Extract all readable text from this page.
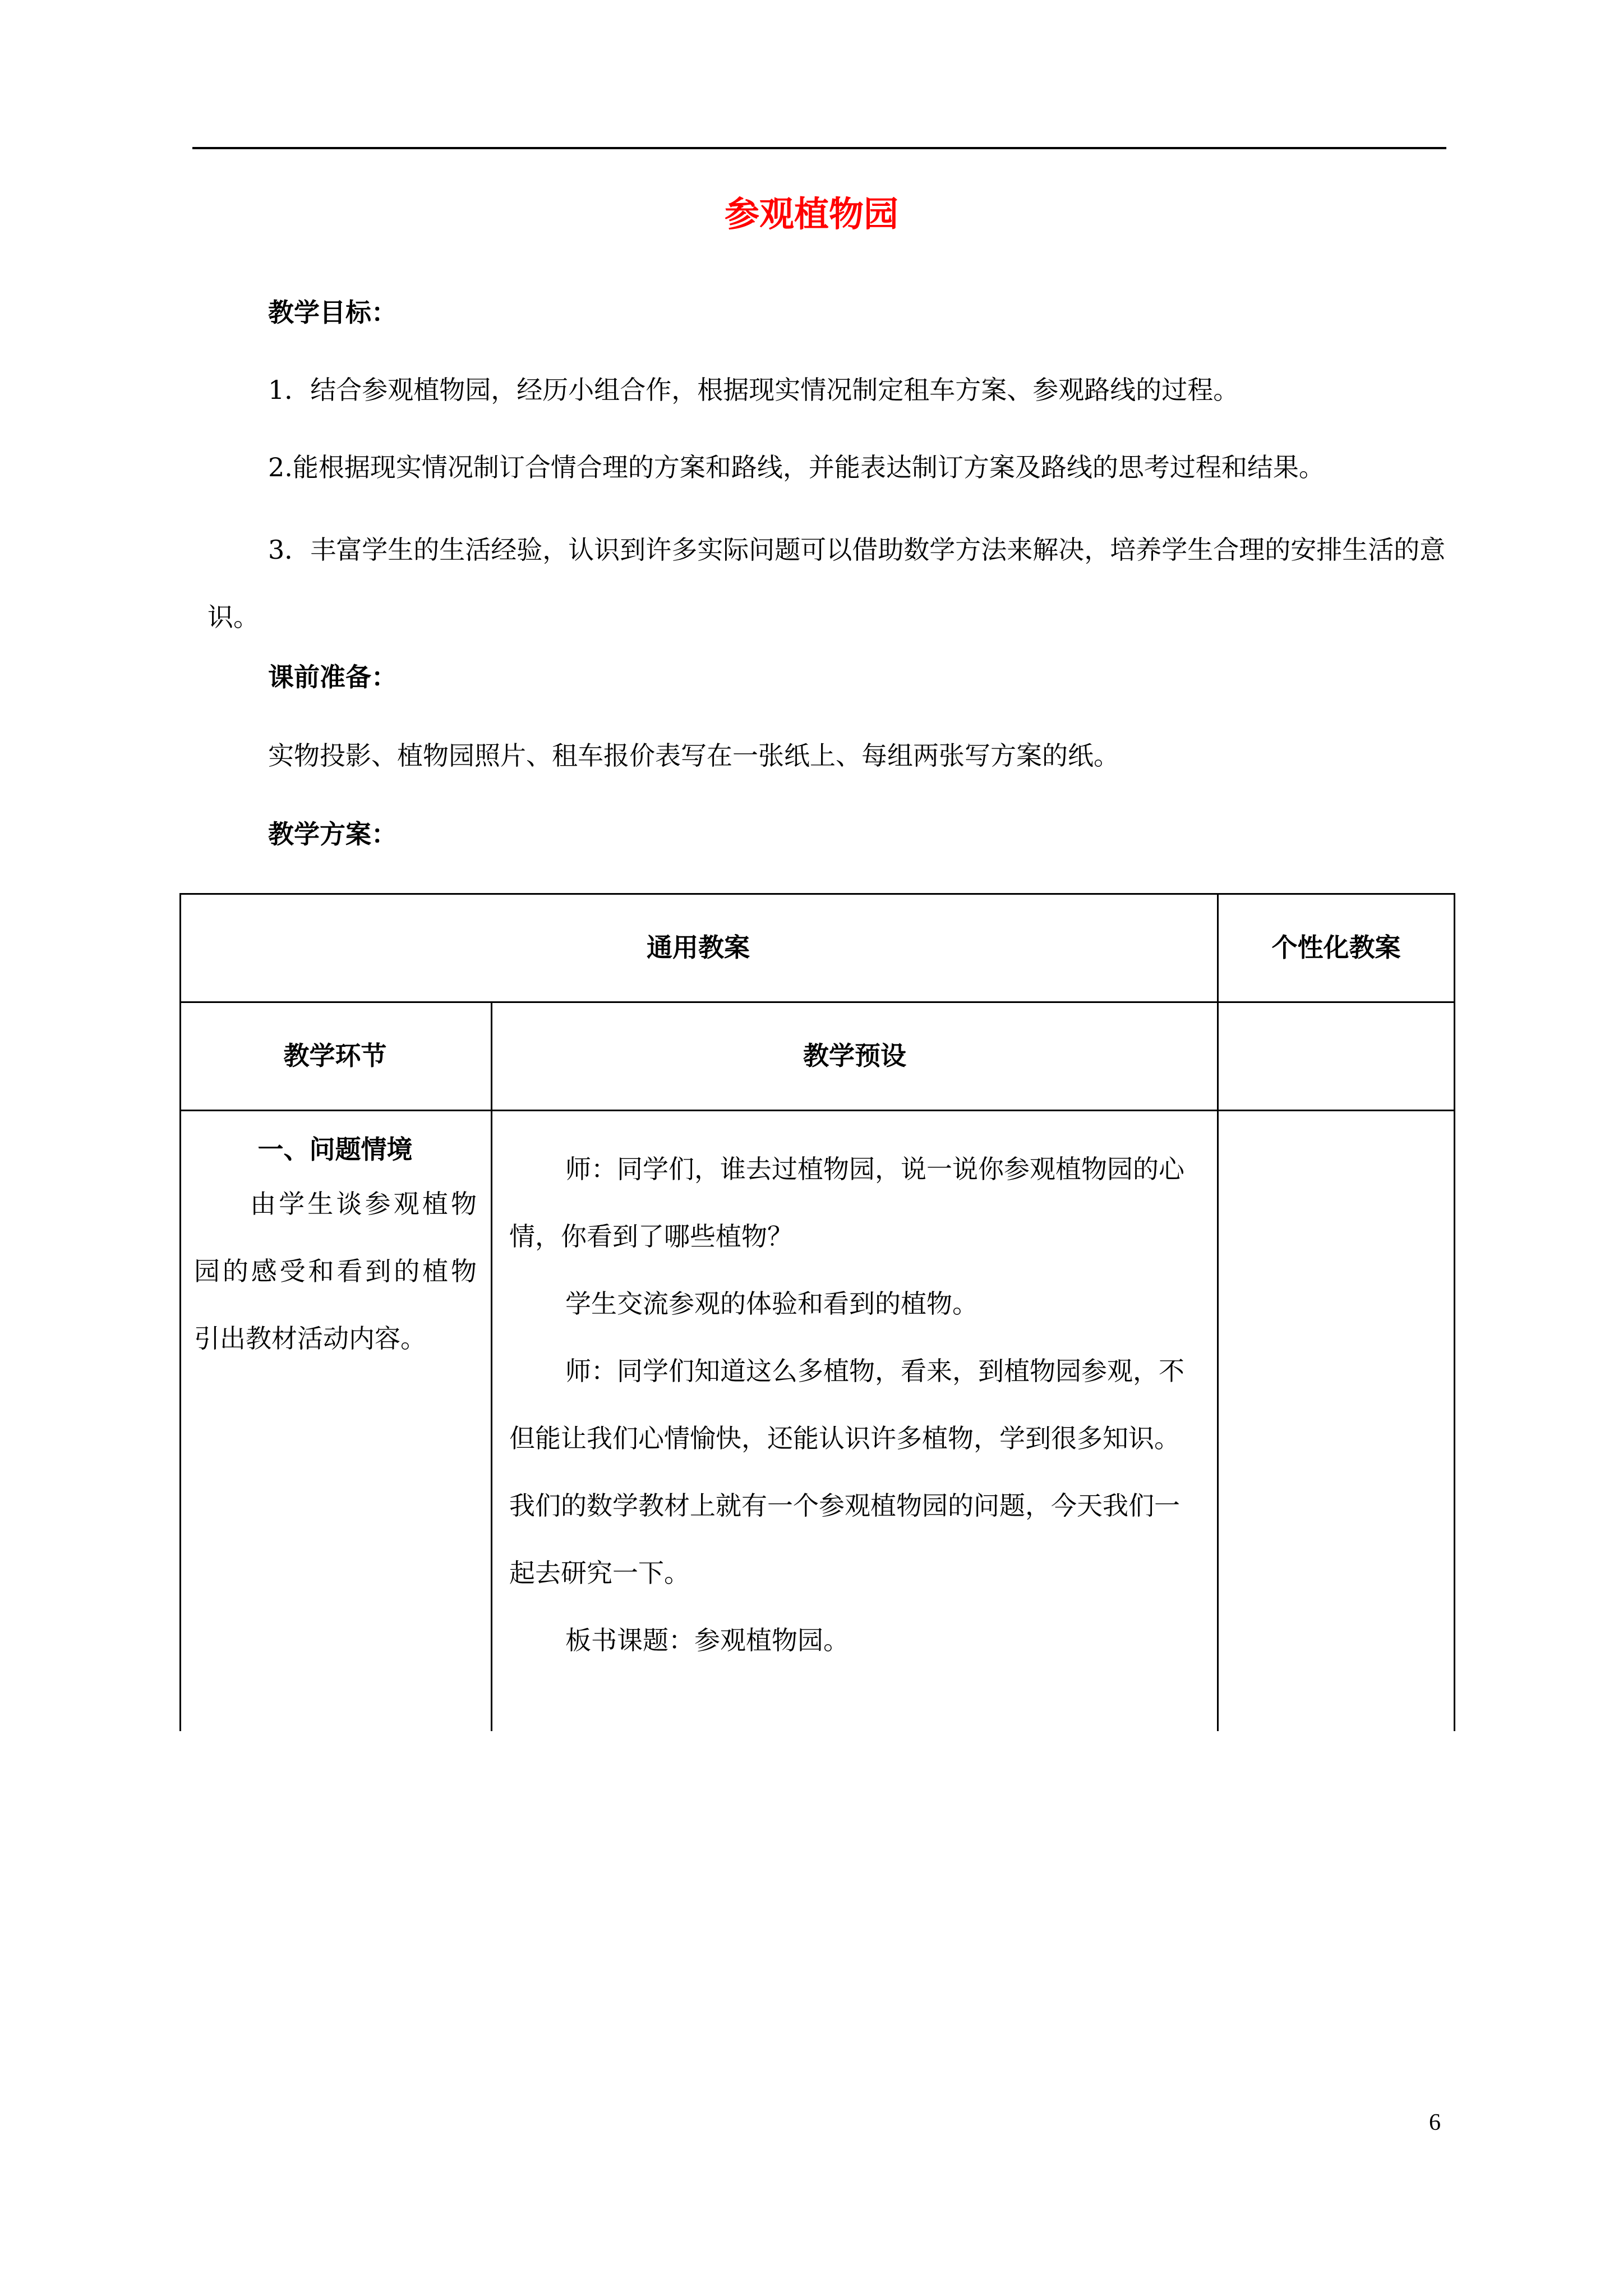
参观植物园
教学目标：
1．结合参观植物园，经历小组合作，根据现实情况制定租车方案、参观路线的过程。
2.能根据现实情况制订合情合理的方案和路线，并能表达制订方案及路线的思考过程和结果。
3．丰富学生的生活经验，认识到许多实际问题可以借助数学方法来解决，培养学生合理的安排生活的意识。
课前准备：
实物投影、植物园照片、租车报价表写在一张纸上、每组两张写方案的纸。
教学方案：
通用教案	个性化教案
教学环节	教学预设
一、问题情境
由学生谈参观植物园的感受和看到的植物引出教材活动内容。
师：同学们，谁去过植物园，说一说你参观植物园的心情，你看到了哪些植物？
学生交流参观的体验和看到的植物。
师：同学们知道这么多植物，看来，到植物园参观，不但能让我们心情愉快，还能认识许多植物，学到很多知识。我们的数学教材上就有一个参观植物园的问题，今天我们一起去研究一下。
板书课题：参观植物园。
6
